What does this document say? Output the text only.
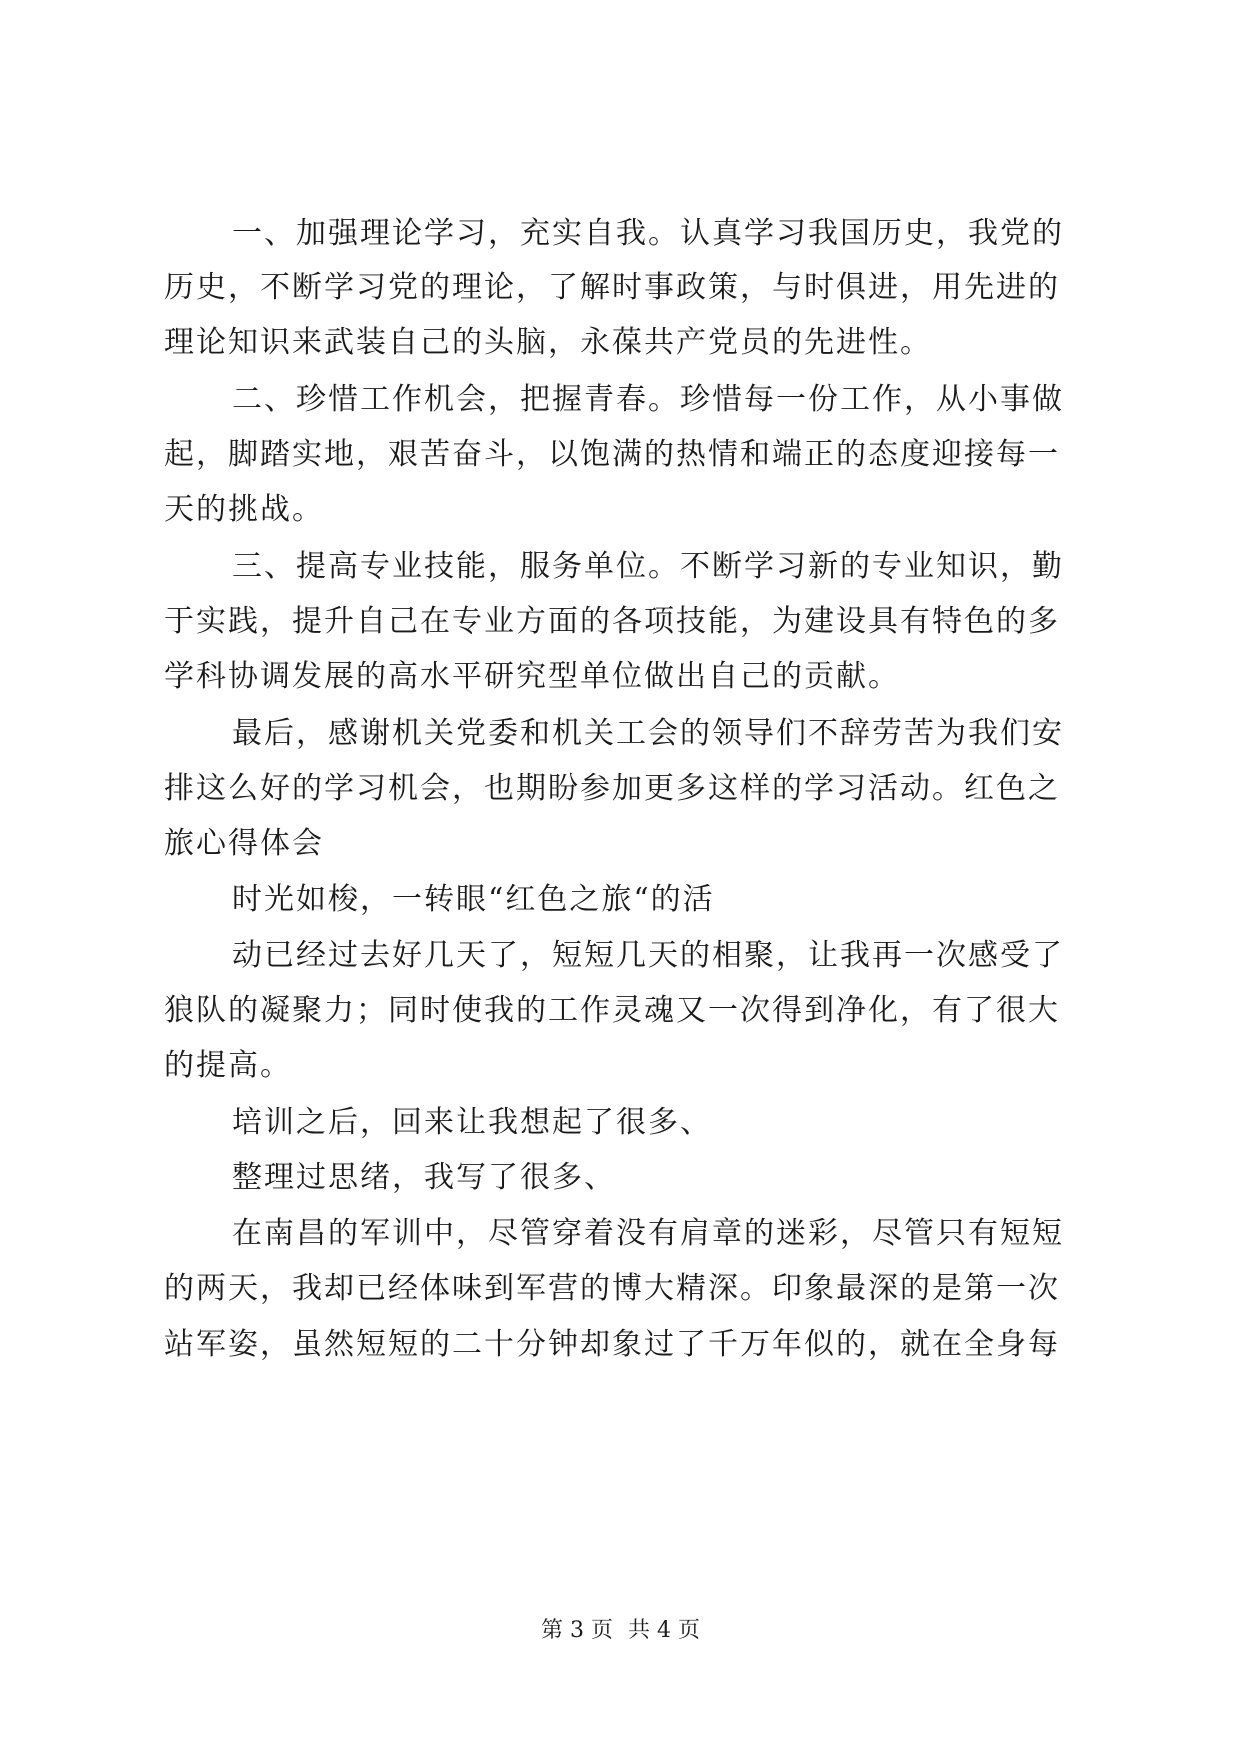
一、加强理论学习，充实自我。认真学习我国历史，我党的
历史，不断学习党的理论，了解时事政策，与时俱进，用先进的
理论知识来武装自己的头脑，永葆共产党员的先进性。
二、珍惜工作机会，把握青春。珍惜每一份工作，从小事做
起，脚踏实地，艰苦奋斗，以饱满的热情和端正的态度迎接每一
天的挑战。
三、提高专业技能，服务单位。不断学习新的专业知识，勤
于实践，提升自己在专业方面的各项技能，为建设具有特色的多
学科协调发展的高水平研究型单位做出自己的贡献。
最后，感谢机关党委和机关工会的领导们不辞劳苦为我们安
排这么好的学习机会，也期盼参加更多这样的学习活动。红色之
旅心得体会
时光如梭，一转眼“红色之旅“的活
动已经过去好几天了，短短几天的相聚，让我再一次感受了
狼队的凝聚力；同时使我的工作灵魂又一次得到净化，有了很大
的提高。
培训之后，回来让我想起了很多、
整理过思绪，我写了很多、
在南昌的军训中，尽管穿着没有肩章的迷彩，尽管只有短短
的两天，我却已经体味到军营的博大精深。印象最深的是第一次
站军姿，虽然短短的二十分钟却象过了千万年似的，就在全身每
第 3 页 共 4 页
